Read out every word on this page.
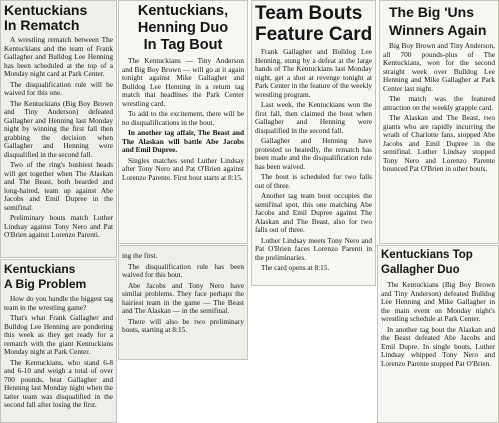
Kentuckians
In Rematch

A wrestling rematch between The Kentuckians and the team of Frank Gallagher and Bulldog Lee Henning has been scheduled at the top of a Monday night card at Park Center.

The disqualification rule will be waived for this one.

The Kentuckians (Big Boy Brown and Tiny Anderson) defeated Gallagher and Henning last Monday night by winning the first fall then grabbing the decision when Gallagher and Henning were disqualified in the second fall.

Two of the ring's bushiest heads will get together when The Alaskan and The Beast, both bearded and long-haired, team up against Abe Jacobs and Emil Dupree in the semifinal.

Preliminary bouts match Luther Lindsay against Tony Nero and Pat O'Brien against Lorenzo Parenti.

Kentuckians,
Henning Duo
In Tag Bout

The Kentuckians — Tiny Anderson and Big Boy Brown — will go at it again tonight against Mike Gallagher and Bulldog Lee Henning in a return tag match that headlines the Park Center wrestling card.

To add to the excitement, there will be no disqualifications in the bout.

In another tag affair, The Beast and The Alaskan will battle Abe Jacobs and Emil Dupree.

Singles matches send Luther Lindsay after Tony Nero and Pat O'Brien against Lorenzo Parente. First bout starts at 8:15.

Team Bouts
Feature Card

Frank Gallagher and Bulldog Lee Henning, stung by a defeat at the large hands of The Kentuckians last Monday night, get a shot at revenge tonight at Park Center in the feature of the weekly wrestling program.

Last week, the Kentuckians won the first fall, then claimed the bout when Gallagher and Henning were disqualified in the second fall.

Gallagher and Henning have protested so heatedly, the rematch has been made and the disqualification rule has been waived.

The bout is scheduled for two falls out of three.

Another tag team bout occupies the semifinal spot, this one matching Abe Jacobs and Emil Dupree against The Alaskan and The Beast, also for two falls out of three.

Luther Lindsay meets Tony Nero and Pat O'Brien faces Lorenzo Parenti in the preliminaries.

The card opens at 8:15.

The Big 'Uns
Winners Again

Big Boy Brown and Tiny Anderson, all 700 pounds-plus of The Kentuckians, won for the second straight week over Bulldog Lee Henning and Mike Gallagher at Park Center last night.

The match was the featured attraction on the weekly grapple card.

The Alaskan and The Beast, two giants who are rapidly incurring the wrath of Charlotte fans, stopped Abe Jacobs and Emil Dupree in the semifinal. Luther Lindsay stopped Tony Nero and Lorenzo Parente bounced Pat O'Brien in other bouts.

Kentuckians Top
Gallagher Duo

The Kentuckians (Big Boy Brown and Tiny Anderson) defeated Bulldog Lee Henning and Mike Gallagher in the main event on Monday night's wrestling schedule at Park Center.

In another tag bout the Alaskan and the Beast defeated Abe Jacobs and Emil Dupre. In single bouts, Luther Lindsay whipped Tony Nero and Lorenzo Parente stopped Pat O'Brien.

Kentuckians
A Big Problem

How do you handle the biggest tag team in the wrestling game?

That's what Frank Gallagher and Bulldog Lee Henning are pondering this week as they get ready for a rematch with the giant Kentuckians Monday night at Park Center.

The Kentuckians, who stand 6-8 and 6-10 and weigh a total of over 700 pounds, beat Gallagher and Henning last Monday night when the latter team was disqualified in the second fall after losing the first.

ing the first.

The disqualification rule has been waived for this bout.

Abe Jacobs and Tony Nero have similar problems. They face perhaps the hairiest team in the game — The Beast and The Alaskan — in the semifinal.

There will also be two preliminary bouts, starting at 8:15.
